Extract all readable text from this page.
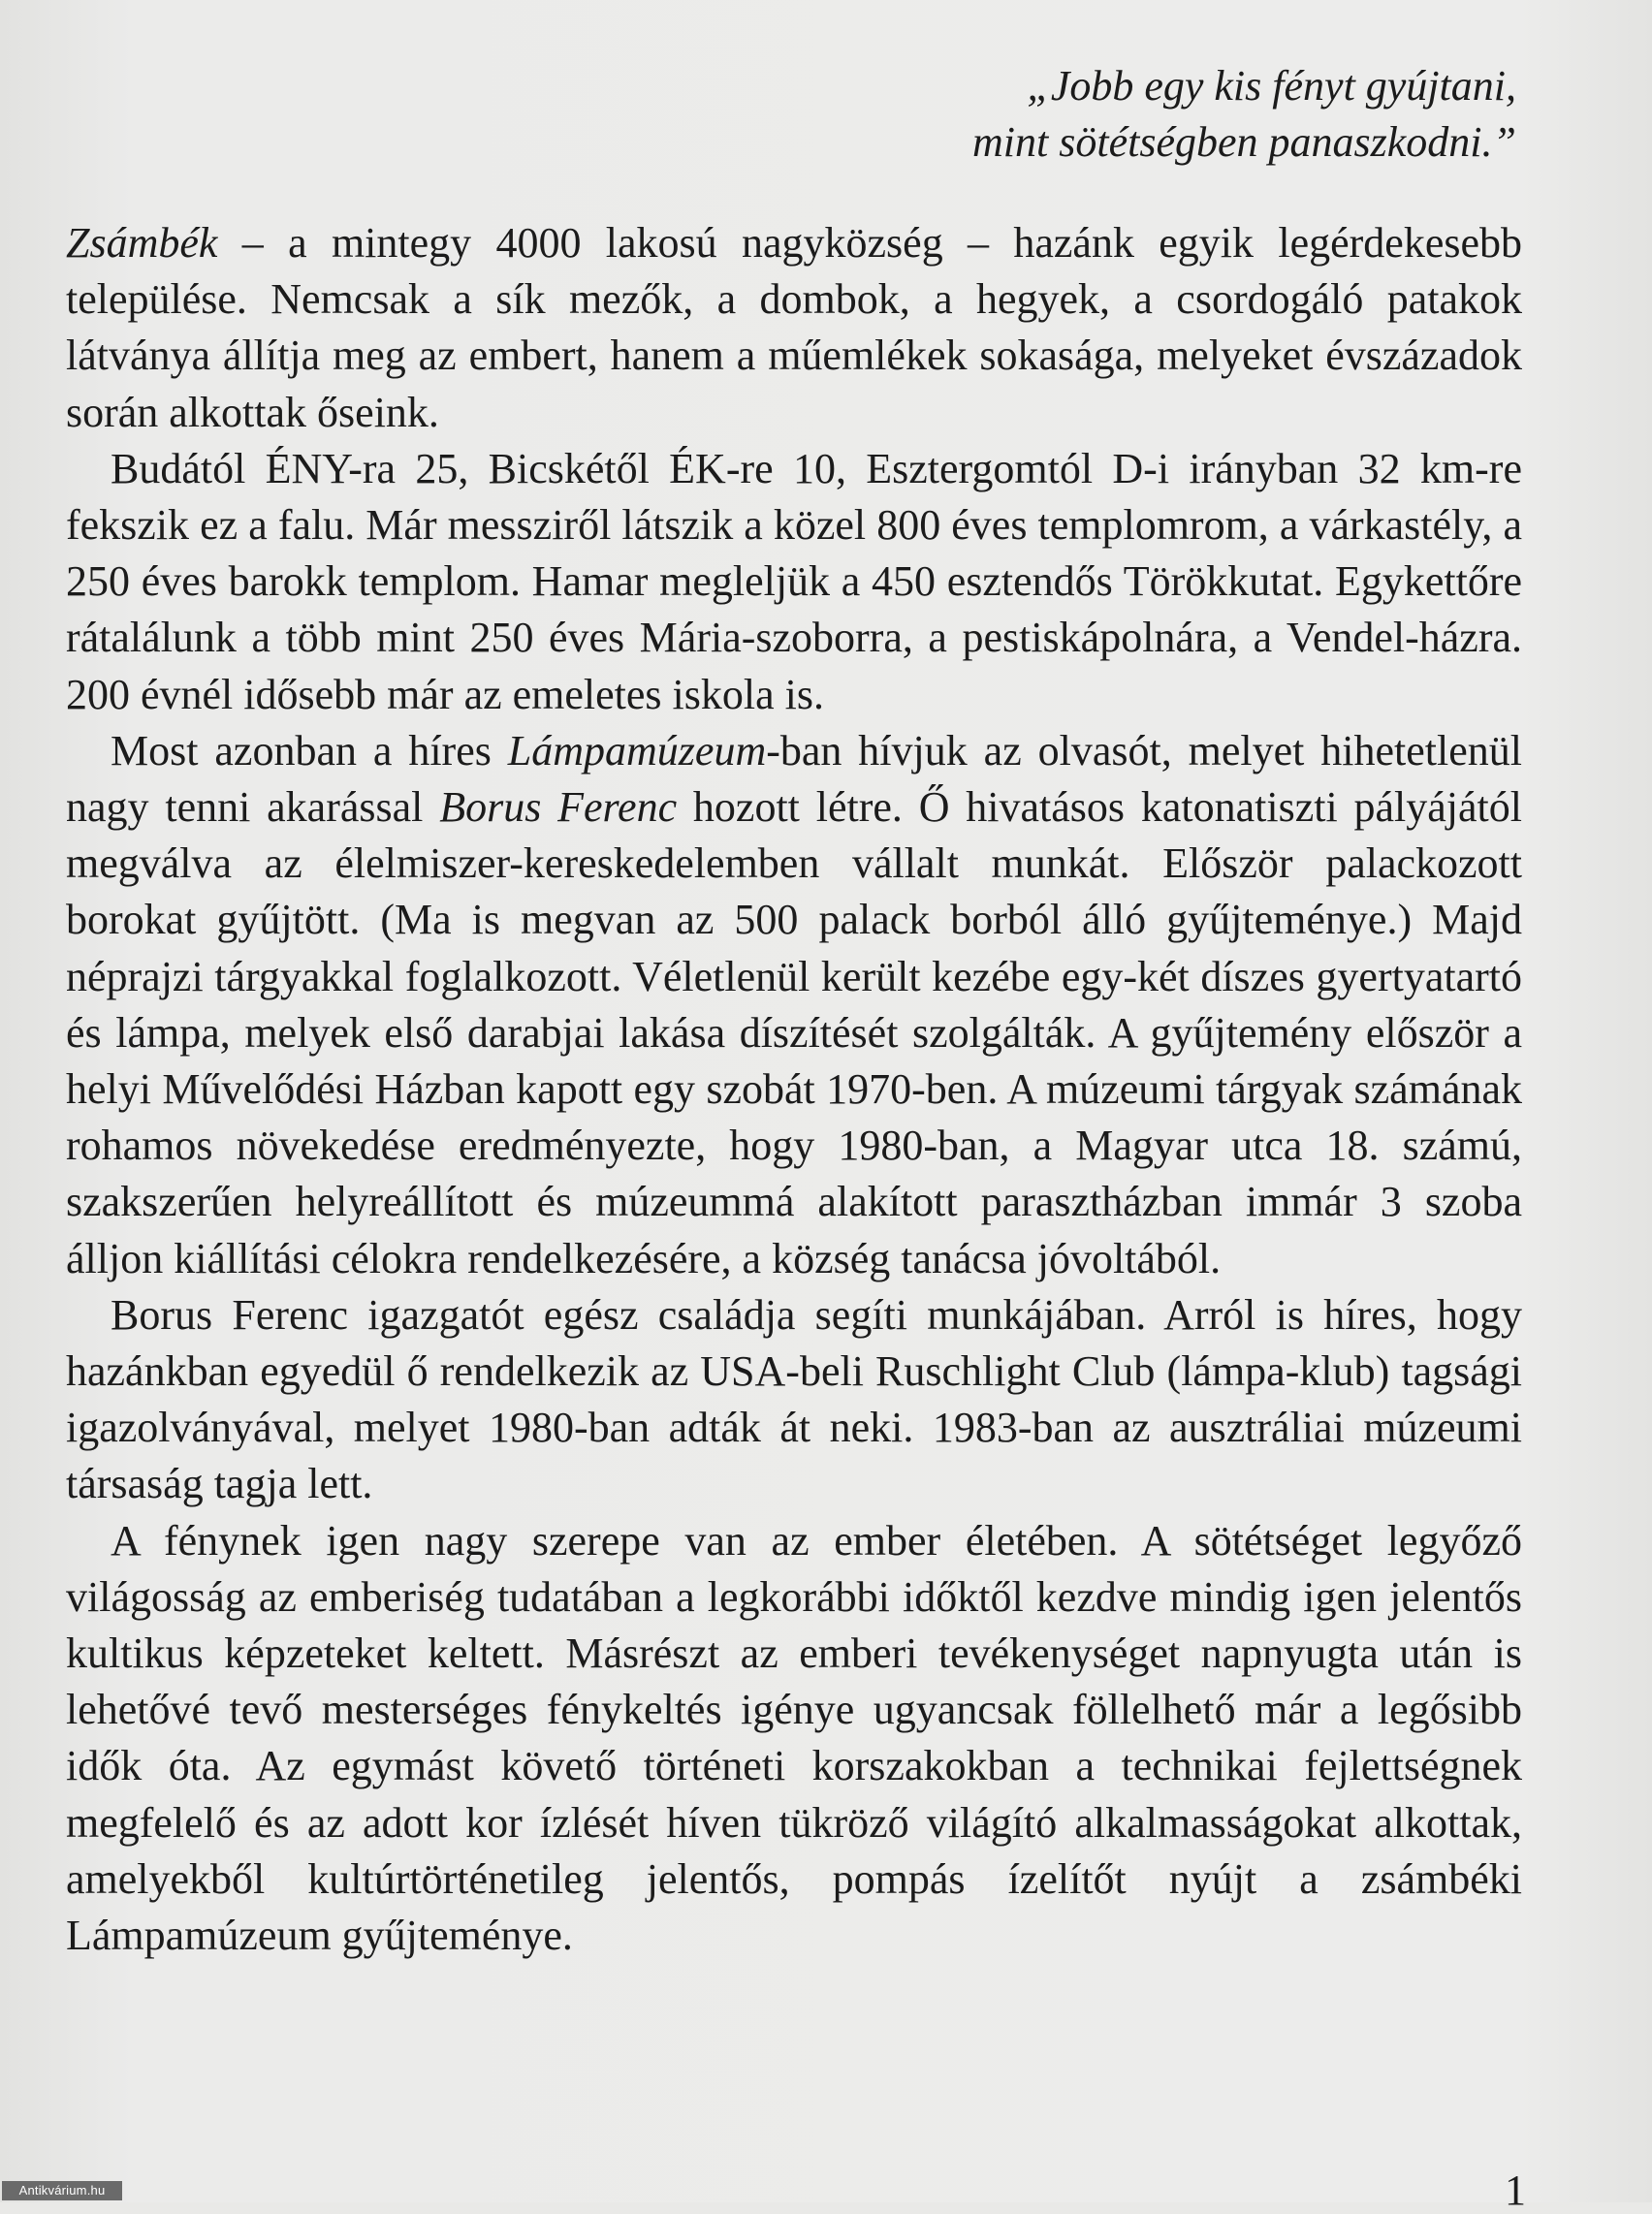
„Jobb egy kis fényt gyújtani,
mint sötétségben panaszkodni.”

Zsámbék – a mintegy 4000 lakosú nagyközség – hazánk egyik legérdekesebb települése. Nemcsak a sík mezők, a dombok, a hegyek, a csordogáló patakok látványa állítja meg az embert, hanem a műemlékek sokasága, melyeket évszázadok során alkottak őseink.

Budától ÉNY-ra 25, Bicskétől ÉK-re 10, Esztergomtól D-i irányban 32 km-re fekszik ez a falu. Már messziről látszik a közel 800 éves templomrom, a várkastély, a 250 éves barokk templom. Hamar megleljük a 450 esztendős Törökkutat. Egykettőre rátalálunk a több mint 250 éves Mária-szoborra, a pestiskápolnára, a Vendel-házra. 200 évnél idősebb már az emeletes iskola is.

Most azonban a híres Lámpamúzeum-ban hívjuk az olvasót, melyet hihetetlenül nagy tenni akarással Borus Ferenc hozott létre. Ő hivatásos katonatiszti pályájától megválva az élelmiszer-kereskedelemben vállalt munkát. Először palackozott borokat gyűjtött. (Ma is megvan az 500 palack borból álló gyűjteménye.) Majd néprajzi tárgyakkal foglalkozott. Véletlenül került kezébe egy-két díszes gyertyatartó és lámpa, melyek első darabjai lakása díszítését szolgálták. A gyűjtemény először a helyi Művelődési Házban kapott egy szobát 1970-ben. A múzeumi tárgyak számának rohamos növekedése eredményezte, hogy 1980-ban, a Magyar utca 18. számú, szakszerűen helyreállított és múzeummá alakított parasztházban immár 3 szoba álljon kiállítási célokra rendelkezésére, a község tanácsa jóvoltából.

Borus Ferenc igazgatót egész családja segíti munkájában. Arról is híres, hogy hazánkban egyedül ő rendelkezik az USA-beli Ruschlight Club (lámpa-klub) tagsági igazolványával, melyet 1980-ban adták át neki. 1983-ban az ausztráliai múzeumi társaság tagja lett.

A fénynek igen nagy szerepe van az ember életében. A sötétséget legyőző világosság az emberiség tudatában a legkorábbi időktől kezdve mindig igen jelentős kultikus képzeteket keltett. Másrészt az emberi tevékenységet napnyugta után is lehetővé tevő mesterséges fénykeltés igénye ugyancsak föllelhető már a legősibb idők óta. Az egymást követő történeti korszakokban a technikai fejlettségnek megfelelő és az adott kor ízlését híven tükröző világító alkalmasságokat alkottak, amelyekből kultúrtörténetileg jelentős, pompás ízelítőt nyújt a zsámbéki Lámpamúzeum gyűjteménye.

1
Antikvárium.hu
